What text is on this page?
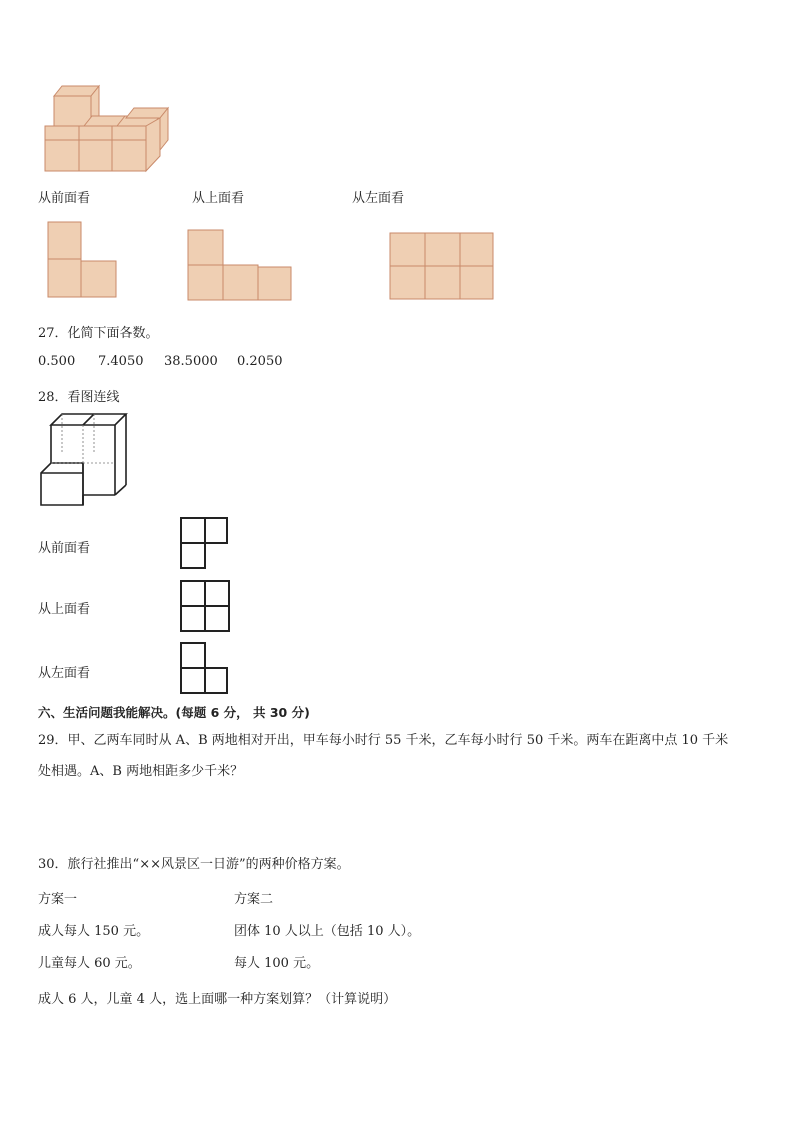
从前面看	从上面看	从左面看
27．化简下面各数。
0.500 7.4050 38.5000 0.2050
28．看图连线
从前面看
从上面看
从左面看
六、生活问题我能解决。(每题 6 分， 共 30 分)
29．甲、乙两车同时从 A、B 两地相对开出，甲车每小时行 55 千米，乙车每小时行 50 千米。两车在距离中点 10 千米
处相遇。A、B 两地相距多少千米？
30．旅行社推出“××风景区一日游”的两种价格方案。
方案一	方案二
成人每人 150 元。	团体 10 人以上（包括 10 人）。
儿童每人 60 元。	每人 100 元。
成人 6 人，儿童 4 人，选上面哪一种方案划算？（计算说明）
